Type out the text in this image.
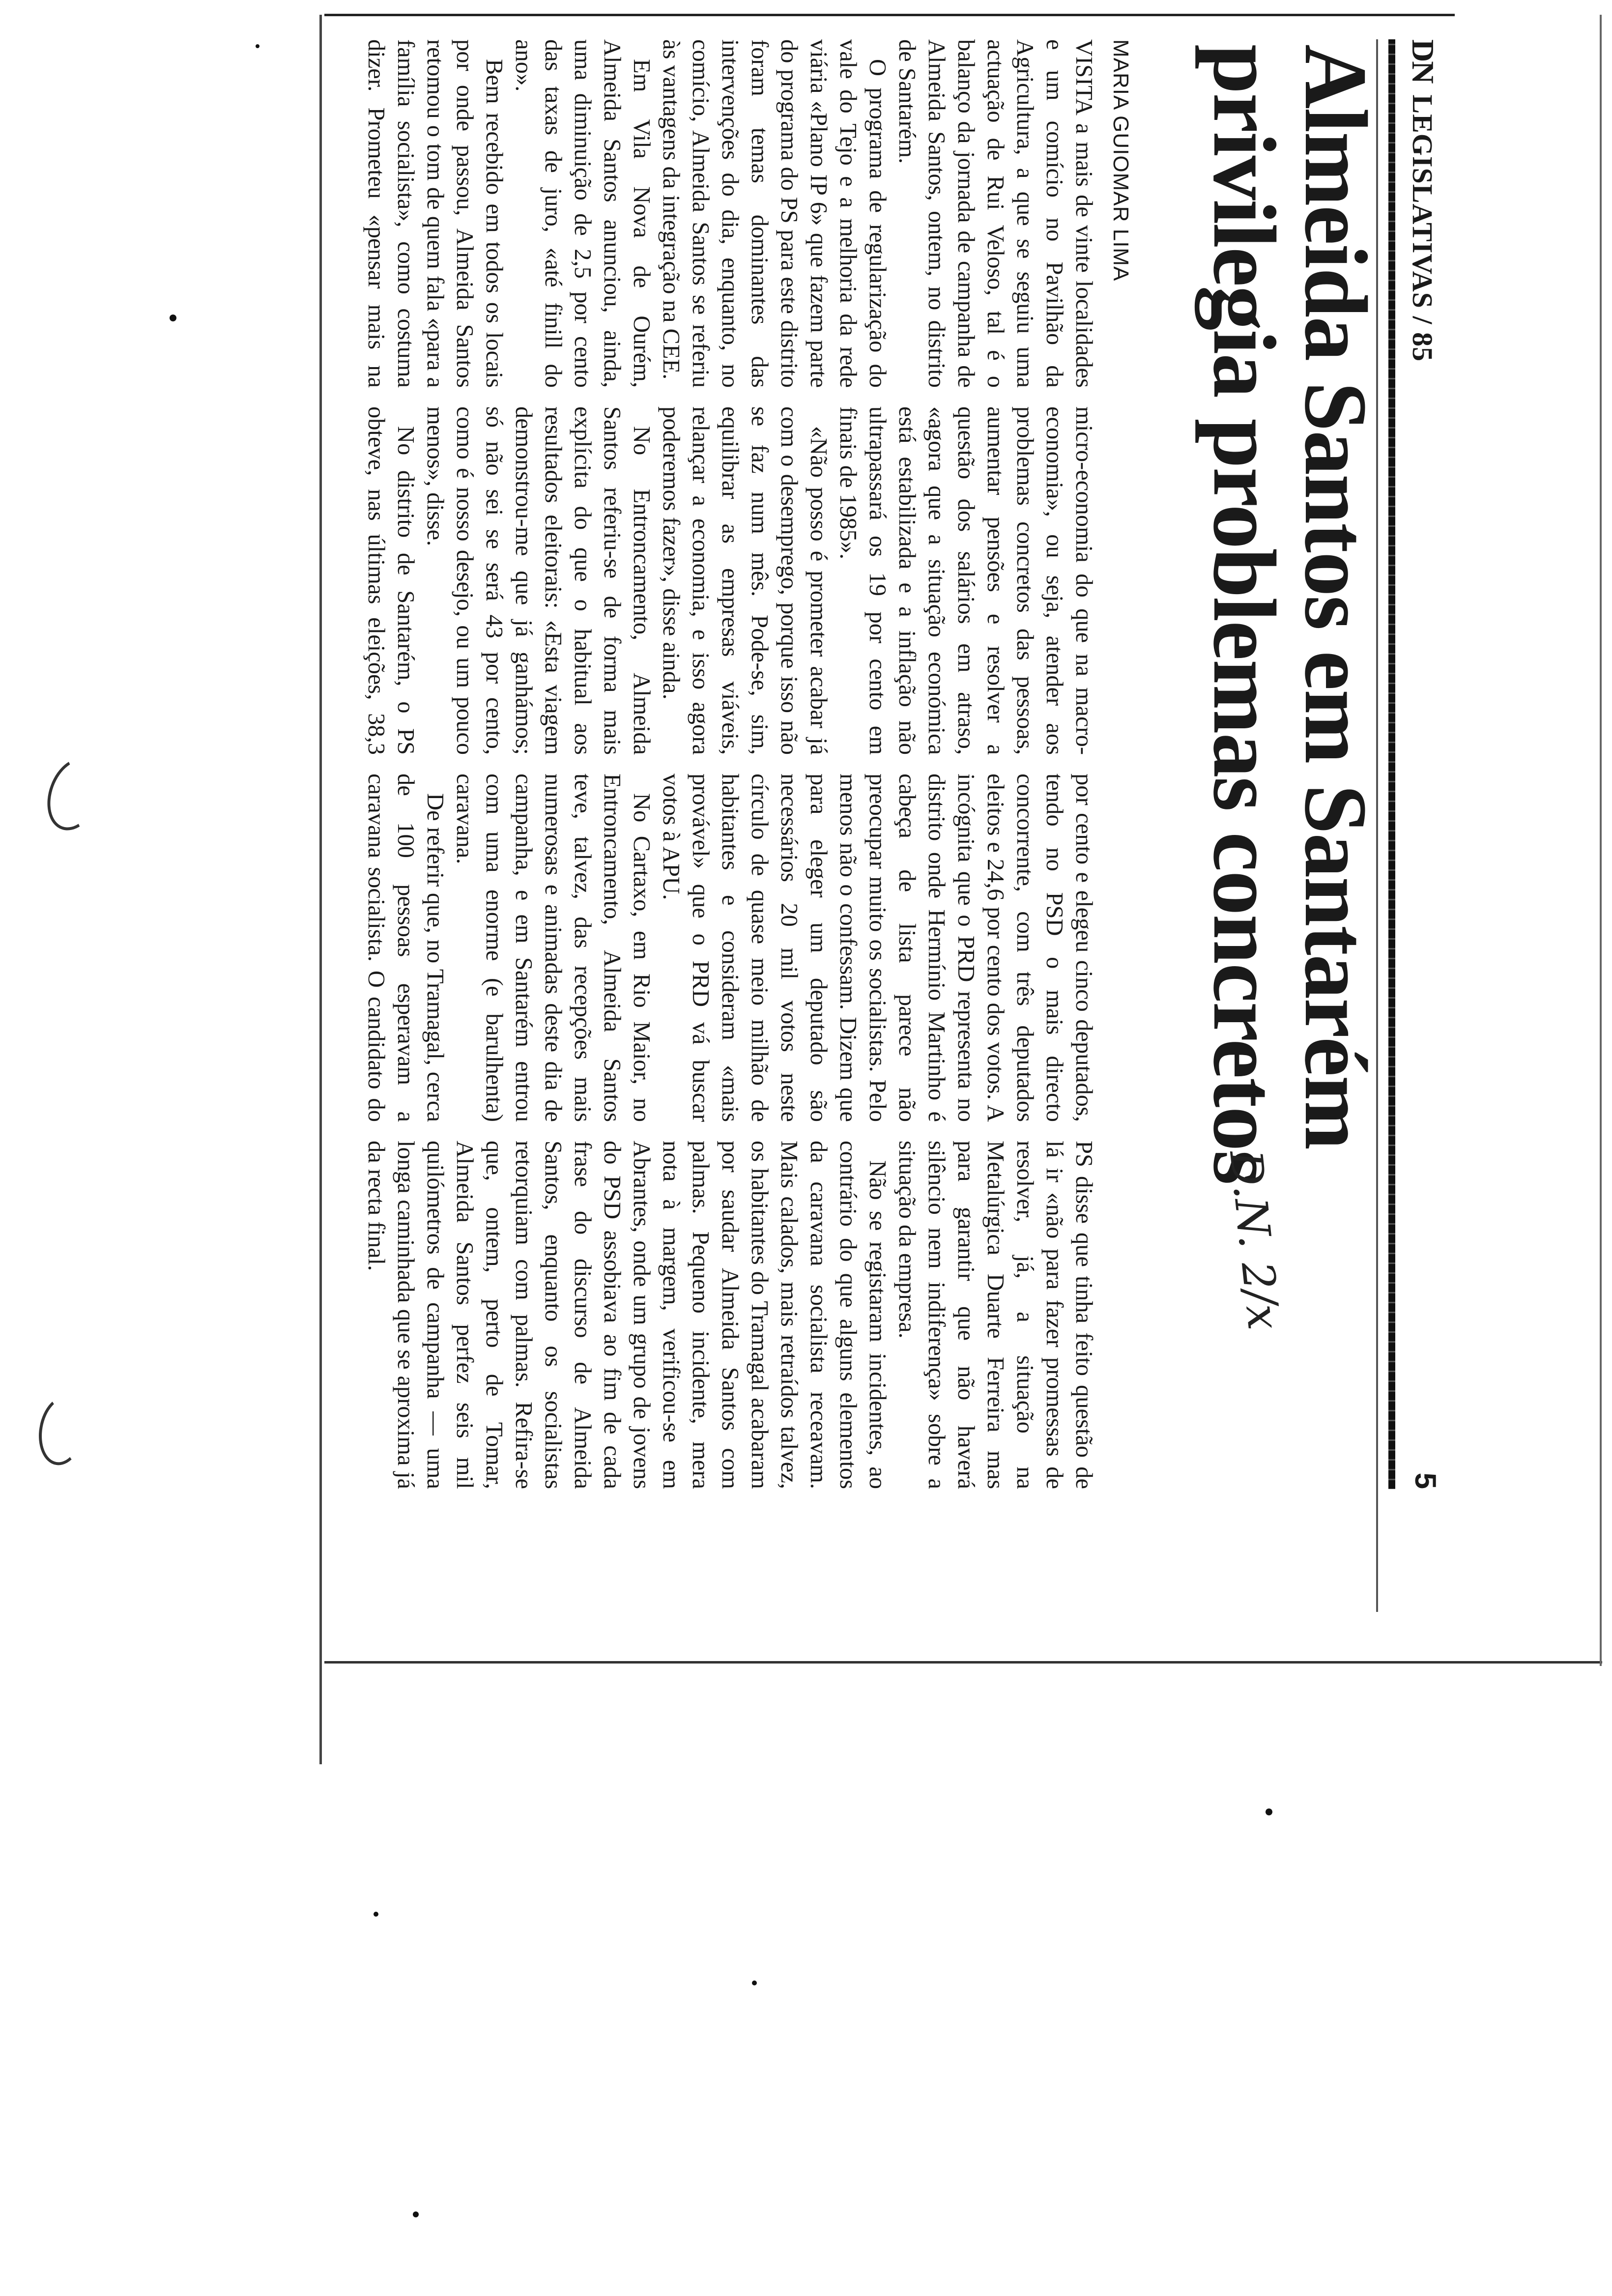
DN
LEGISLATIVAS / 85
5
Almeida Santos em Santarém
privilegia problemas concretos
D.N. 2/x
MARIA GUIOMAR LIMA

VISITA a mais de vinte localidades e um comício no Pavilhão da Agricultura, a que se seguiu uma actuação de Rui Veloso, tal é o balanço da jornada de campanha de Almeida Santos, ontem, no distrito de Santarém.

O programa de regularização do vale do Tejo e a melhoria da rede viária «Plano IP 6» que fazem parte do programa do PS para este distrito foram temas dominantes das intervenções do dia, enquanto, no comício, Almeida Santos se referiu às vantagens da integração na CEE.

Em Vila Nova de Ourém, Almeida Santos anunciou, ainda, uma diminuição de 2,5 por cento das taxas de juro, «até finill do ano».

Bem recebido em todos os locais por onde passou, Almeida Santos retomou o tom de quem fala «para a família socialista», como costuma dizer. Prometeu «pensar mais na micro-economia do que na macro-economia», ou seja, atender aos problemas concretos das pessoas, aumentar pensões e resolver a questão dos salários em atraso, «agora que a situação económica está estabilizada e a inflação não ultrapassará os 19 por cento em finais de 1985».

«Não posso é prometer acabar já com o desemprego, porque isso não se faz num mês. Pode-se, sim, equilibrar as empresas viáveis, relançar a economia, e isso agora poderemos fazer», disse ainda.

No Entroncamento, Almeida Santos referiu-se de forma mais explícita do que o habitual aos resultados eleitorais: «Esta viagem demonstrou-me que já ganhámos; só não sei se será 43 por cento, como é nosso desejo, ou um pouco menos», disse.

No distrito de Santarém, o PS obteve, nas últimas eleições, 38,3 por cento e elegeu cinco deputados, tendo no PSD o mais directo concorrente, com três deputados eleitos e 24,6 por cento dos votos. A incógnita que o PRD representa no distrito onde Hermínio Martinho é cabeça de lista parece não preocupar muito os socialistas. Pelo menos não o confessam. Dizem que para eleger um deputado são necessários 20 mil votos neste círculo de quase meio milhão de habitantes e consideram «mais provável» que o PRD vá buscar votos à APU.

No Cartaxo, em Rio Maior, no Entroncamento, Almeida Santos teve, talvez, das recepções mais numerosas e animadas deste dia de campanha, e em Santarém entrou com uma enorme (e barulhenta) caravana.

De referir que, no Tramagal, cerca de 100 pessoas esperavam a caravana socialista. O candidato do PS disse que tinha feito questão de lá ir «não para fazer promessas de resolver, já, a situação na Metalúrgica Duarte Ferreira mas para garantir que não haverá silêncio nem indiferença» sobre a situação da empresa.

Não se registaram incidentes, ao contrário do que alguns elementos da caravana socialista receavam. Mais calados, mais retraídos talvez, os habitantes do Tramagal acabaram por saudar Almeida Santos com palmas. Pequeno incidente, mera nota à margem, verificou-se em Abrantes, onde um grupo de jovens do PSD assobiava ao fim de cada frase do discurso de Almeida Santos, enquanto os socialistas retorquiam com palmas. Refira-se que, ontem, perto de Tomar, Almeida Santos perfez seis mil quilómetros de campanha — uma longa caminhada que se aproxima já da recta final.
